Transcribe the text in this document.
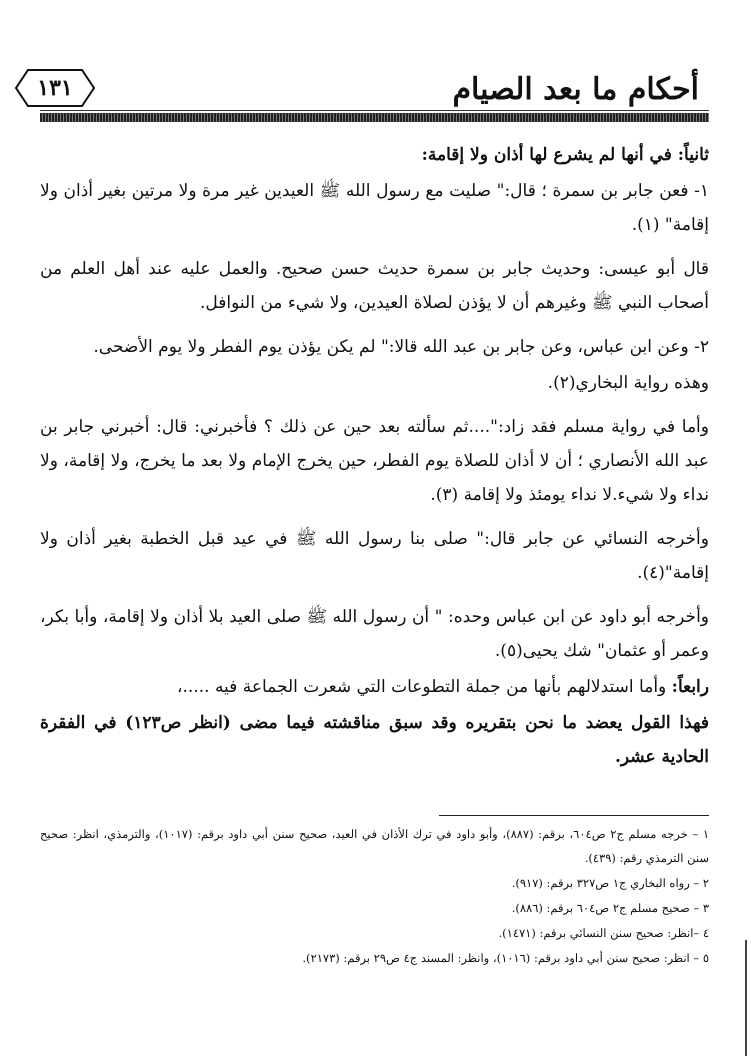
أحكام ما بعد الصيام
١٣١

ثانياً: في أنها لم يشرع لها أذان ولا إقامة:

١- فعن جابر بن سمرة ؛ قال:" صليت مع رسول الله ﷺ العيدين غير مرة ولا مرتين بغير أذان ولا إقامة" (١).

قال أبو عيسى: وحديث جابر بن سمرة حديث حسن صحيح. والعمل عليه عند أهل العلم من أصحاب النبي ﷺ وغيرهم أن لا يؤذن لصلاة العيدين، ولا شيء من النوافل.

٢- وعن ابن عباس، وعن جابر بن عبد الله قالا:" لم يكن يؤذن يوم الفطر ولا يوم الأضحى.

وهذه رواية البخاري(٢).

وأما في رواية مسلم فقد زاد:"....ثم سألته بعد حين عن ذلك ؟ فأخبرني: قال: أخبرني جابر بن عبد الله الأنصاري ؛ أن لا أذان للصلاة يوم الفطر، حين يخرج الإمام ولا بعد ما يخرج، ولا إقامة، ولا نداء ولا شيء.لا نداء يومئذ ولا إقامة (٣).

وأخرجه النسائي عن جابر قال:" صلى بنا رسول الله ﷺ في عيد قبل الخطبة بغير أذان ولا إقامة"(٤).

وأخرجه أبو داود عن ابن عباس وحده: " أن رسول الله ﷺ صلى العيد بلا أذان ولا إقامة، وأبا بكر، وعمر أو عثمان" شك يحيى(٥).

رابعاً: وأما استدلالهم بأنها من جملة التطوعات التي شعرت الجماعة فيه .....،

فهذا القول يعضد ما نحن بتقريره وقد سبق مناقشته فيما مضى (انظر ص١٢٣) في الفقرة الحادية عشر.

١ – خرجه مسلم ج٢ ص٦٠٤، برقم: (٨٨٧)، وأبو داود في ترك الأذان في العيد، صحيح سنن أبي داود برقم: (١٠١٧)، والترمذي، انظر: صحيح سنن الترمذي رقم: (٤٣٩).

٢ – رواه البخاري ج١ ص٣٢٧ برقم: (٩١٧).

٣ – صحيح مسلم ج٢ ص٦٠٤ برقم: (٨٨٦).

٤ –انظر: صحيح سنن النسائي برقم: (١٤٧١).

٥ – انظر: صحيح سنن أبي داود برقم: (١٠١٦)، وانظر: المسند ج٤ ص٢٩ برقم: (٢١٧٣).
